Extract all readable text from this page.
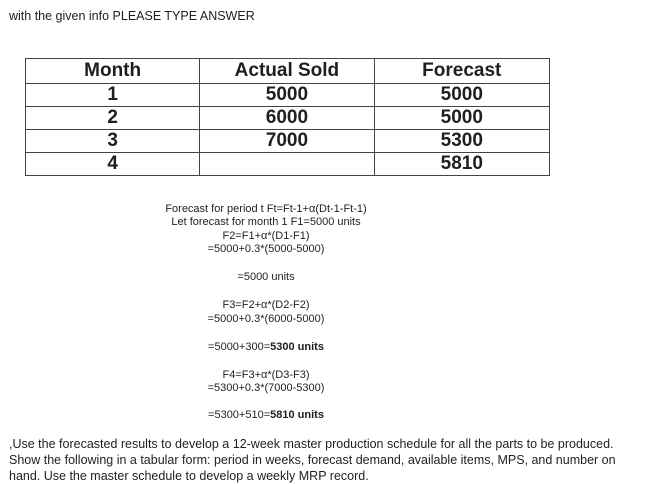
with the given info PLEASE TYPE ANSWER
Month	Actual Sold	Forecast
1	5000	5000
2	6000	5000
3	7000	5300
4		5810
Forecast for period t Ft=Ft-1+α(Dt-1-Ft-1)
Let forecast for month 1 F1=5000 units
F2=F1+α*(D1-F1)
=5000+0.3*(5000-5000)
=5000 units
F3=F2+α*(D2-F2)
=5000+0.3*(6000-5000)
=5000+300=5300 units
F4=F3+α*(D3-F3)
=5300+0.3*(7000-5300)
=5300+510=5810 units
,Use the forecasted results to develop a 12-week master production schedule for all the parts to be produced. Show the following in a tabular form: period in weeks, forecast demand, available items, MPS, and number on hand. Use the master schedule to develop a weekly MRP record.
